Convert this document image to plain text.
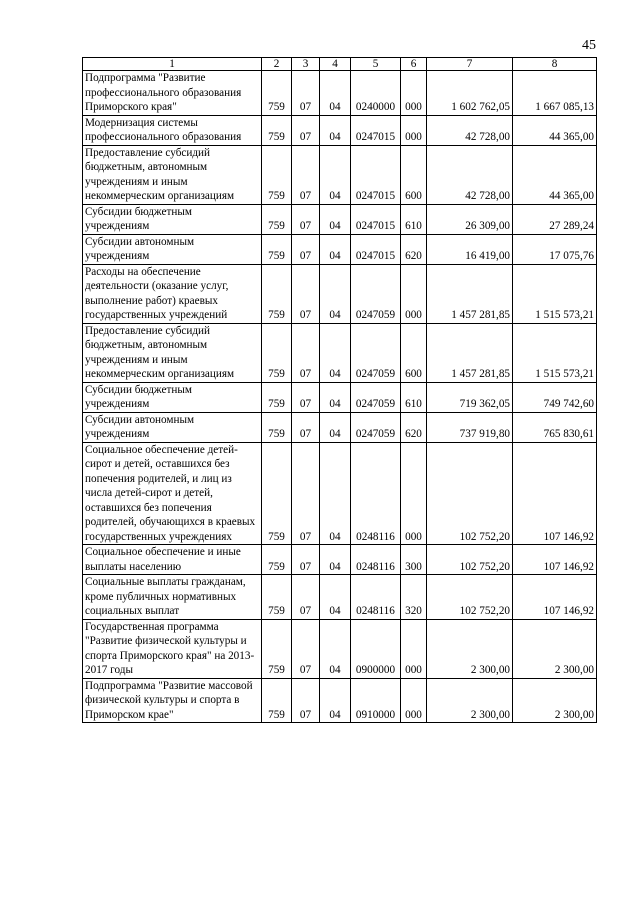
45
1	2	3	4	5	6	7	8
Подпрограмма "Развитие профессионального образования Приморского края"	759	07	04	0240000	000	1 602 762,05	1 667 085,13
Модернизация системы профессионального образования	759	07	04	0247015	000	42 728,00	44 365,00
Предоставление субсидий бюджетным, автономным учреждениям и иным некоммерческим организациям	759	07	04	0247015	600	42 728,00	44 365,00
Субсидии бюджетным учреждениям	759	07	04	0247015	610	26 309,00	27 289,24
Субсидии автономным учреждениям	759	07	04	0247015	620	16 419,00	17 075,76
Расходы на обеспечение деятельности (оказание услуг, выполнение работ) краевых государственных учреждений	759	07	04	0247059	000	1 457 281,85	1 515 573,21
Предоставление субсидий бюджетным, автономным учреждениям и иным некоммерческим организациям	759	07	04	0247059	600	1 457 281,85	1 515 573,21
Субсидии бюджетным учреждениям	759	07	04	0247059	610	719 362,05	749 742,60
Субсидии автономным учреждениям	759	07	04	0247059	620	737 919,80	765 830,61
Социальное обеспечение детей-сирот и детей, оставшихся без попечения родителей, и лиц из числа детей-сирот и детей, оставшихся без попечения родителей, обучающихся в краевых государственных учреждениях	759	07	04	0248116	000	102 752,20	107 146,92
Социальное обеспечение и иные выплаты населению	759	07	04	0248116	300	102 752,20	107 146,92
Социальные выплаты гражданам, кроме публичных нормативных социальных выплат	759	07	04	0248116	320	102 752,20	107 146,92
Государственная программа "Развитие физической культуры и спорта Приморского края" на 2013-2017 годы	759	07	04	0900000	000	2 300,00	2 300,00
Подпрограмма "Развитие массовой физической культуры и спорта в Приморском крае"	759	07	04	0910000	000	2 300,00	2 300,00
